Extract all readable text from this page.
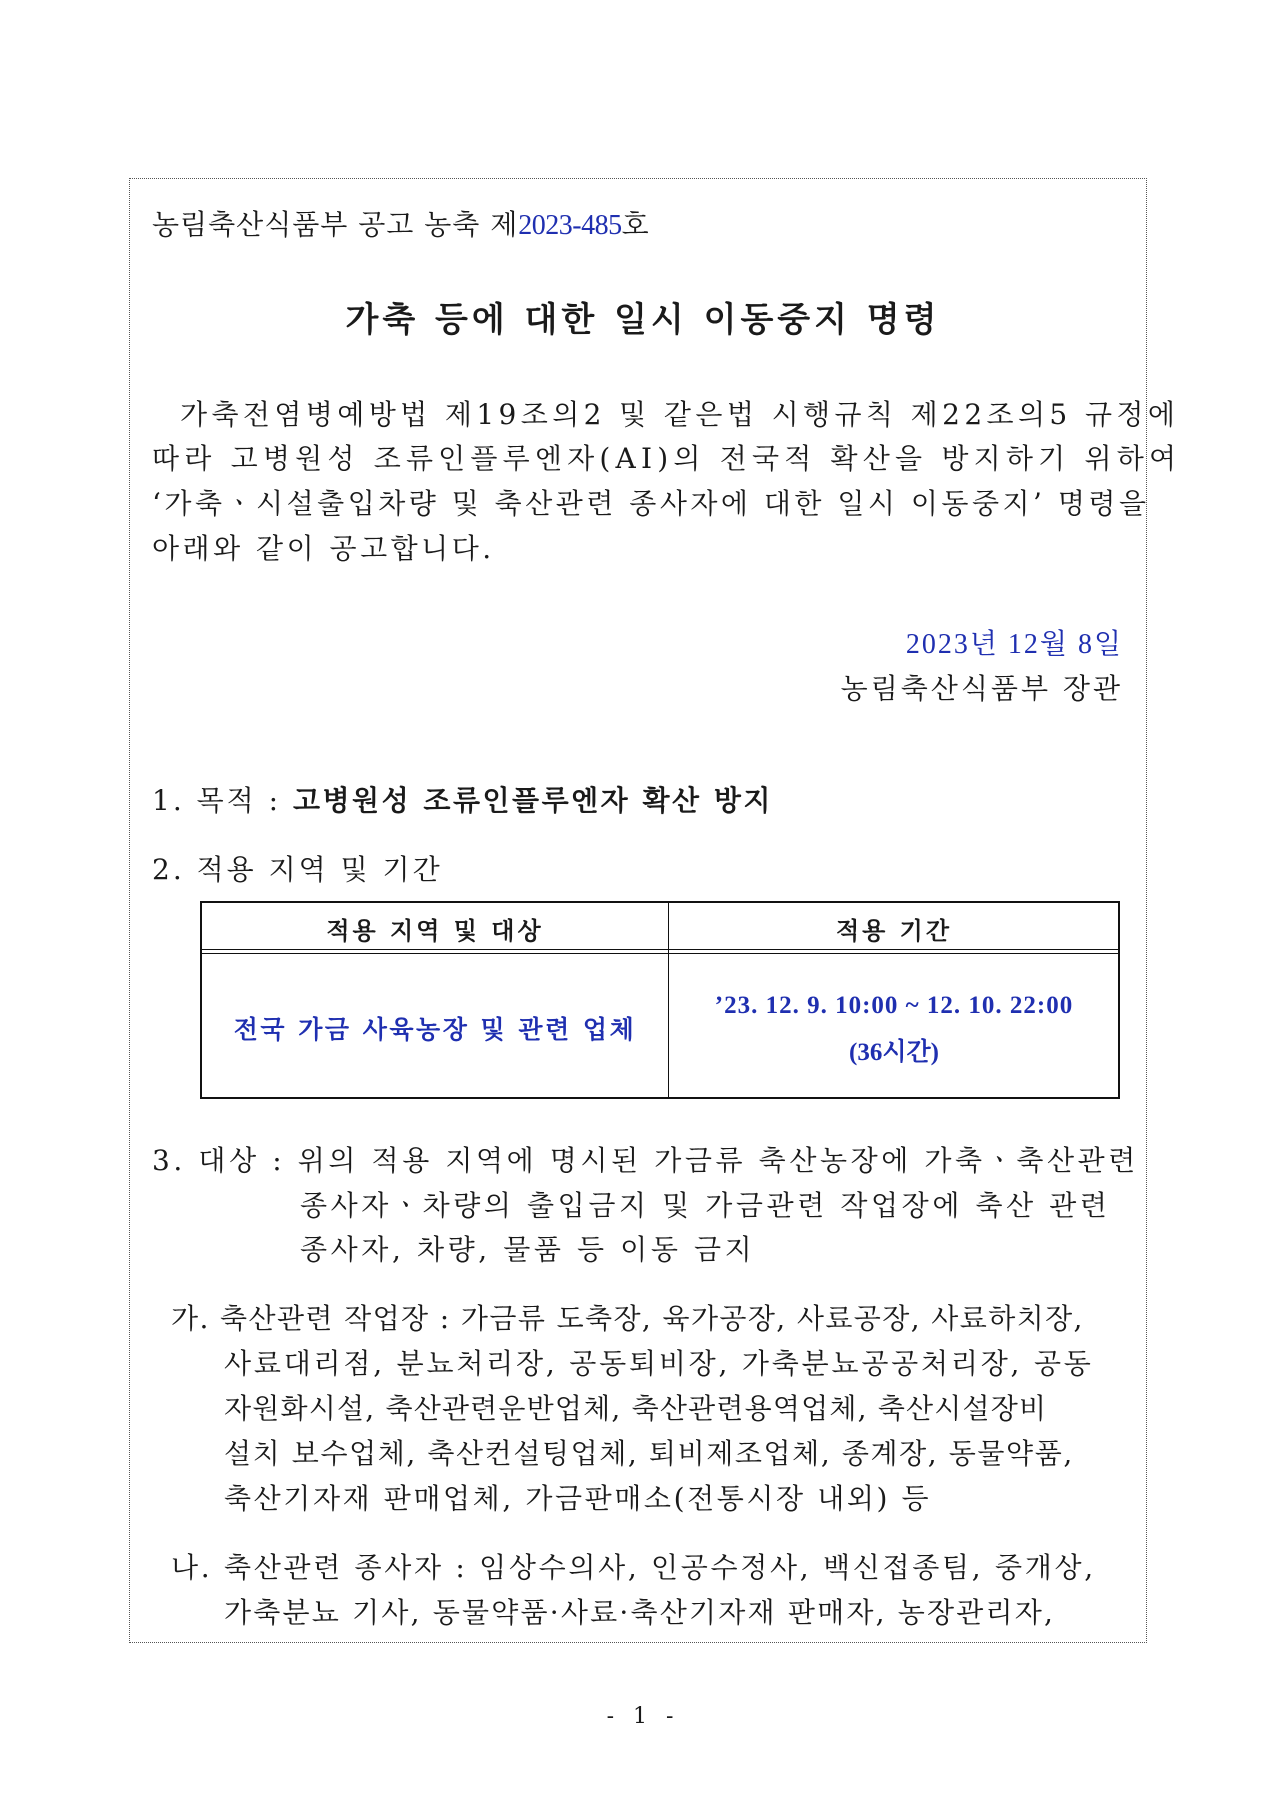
농림축산식품부 공고 농축 제2023-485호
가축 등에 대한 일시 이동중지 명령
가축전염병예방법 제19조의2 및 같은법 시행규칙 제22조의5 규정에
따라 고병원성 조류인플루엔자(AI)의 전국적 확산을 방지하기 위하여
‘가축ㆍ시설출입차량 및 축산관련 종사자에 대한 일시 이동중지’ 명령을
아래와 같이 공고합니다.
2023년 12월 8일
농림축산식품부 장관
1. 목적 : 고병원성 조류인플루엔자 확산 방지
2. 적용 지역 및 기간
적용 지역 및 대상	적용 기간
전국 가금 사육농장 및 관련 업체
’23. 12. 9. 10:00 ~ 12. 10. 22:00
(36시간)
3. 대상 : 위의 적용 지역에 명시된 가금류 축산농장에 가축ㆍ축산관련
종사자ㆍ차량의 출입금지 및 가금관련 작업장에 축산 관련
종사자, 차량, 물품 등 이동 금지
가. 축산관련 작업장 : 가금류 도축장, 육가공장, 사료공장, 사료하치장,
사료대리점, 분뇨처리장, 공동퇴비장, 가축분뇨공공처리장, 공동
자원화시설, 축산관련운반업체, 축산관련용역업체, 축산시설장비
설치 보수업체, 축산컨설팅업체, 퇴비제조업체, 종계장, 동물약품,
축산기자재 판매업체, 가금판매소(전통시장 내외) 등
나. 축산관련 종사자 : 임상수의사, 인공수정사, 백신접종팀, 중개상,
가축분뇨 기사, 동물약품·사료·축산기자재 판매자, 농장관리자,
- 1 -
